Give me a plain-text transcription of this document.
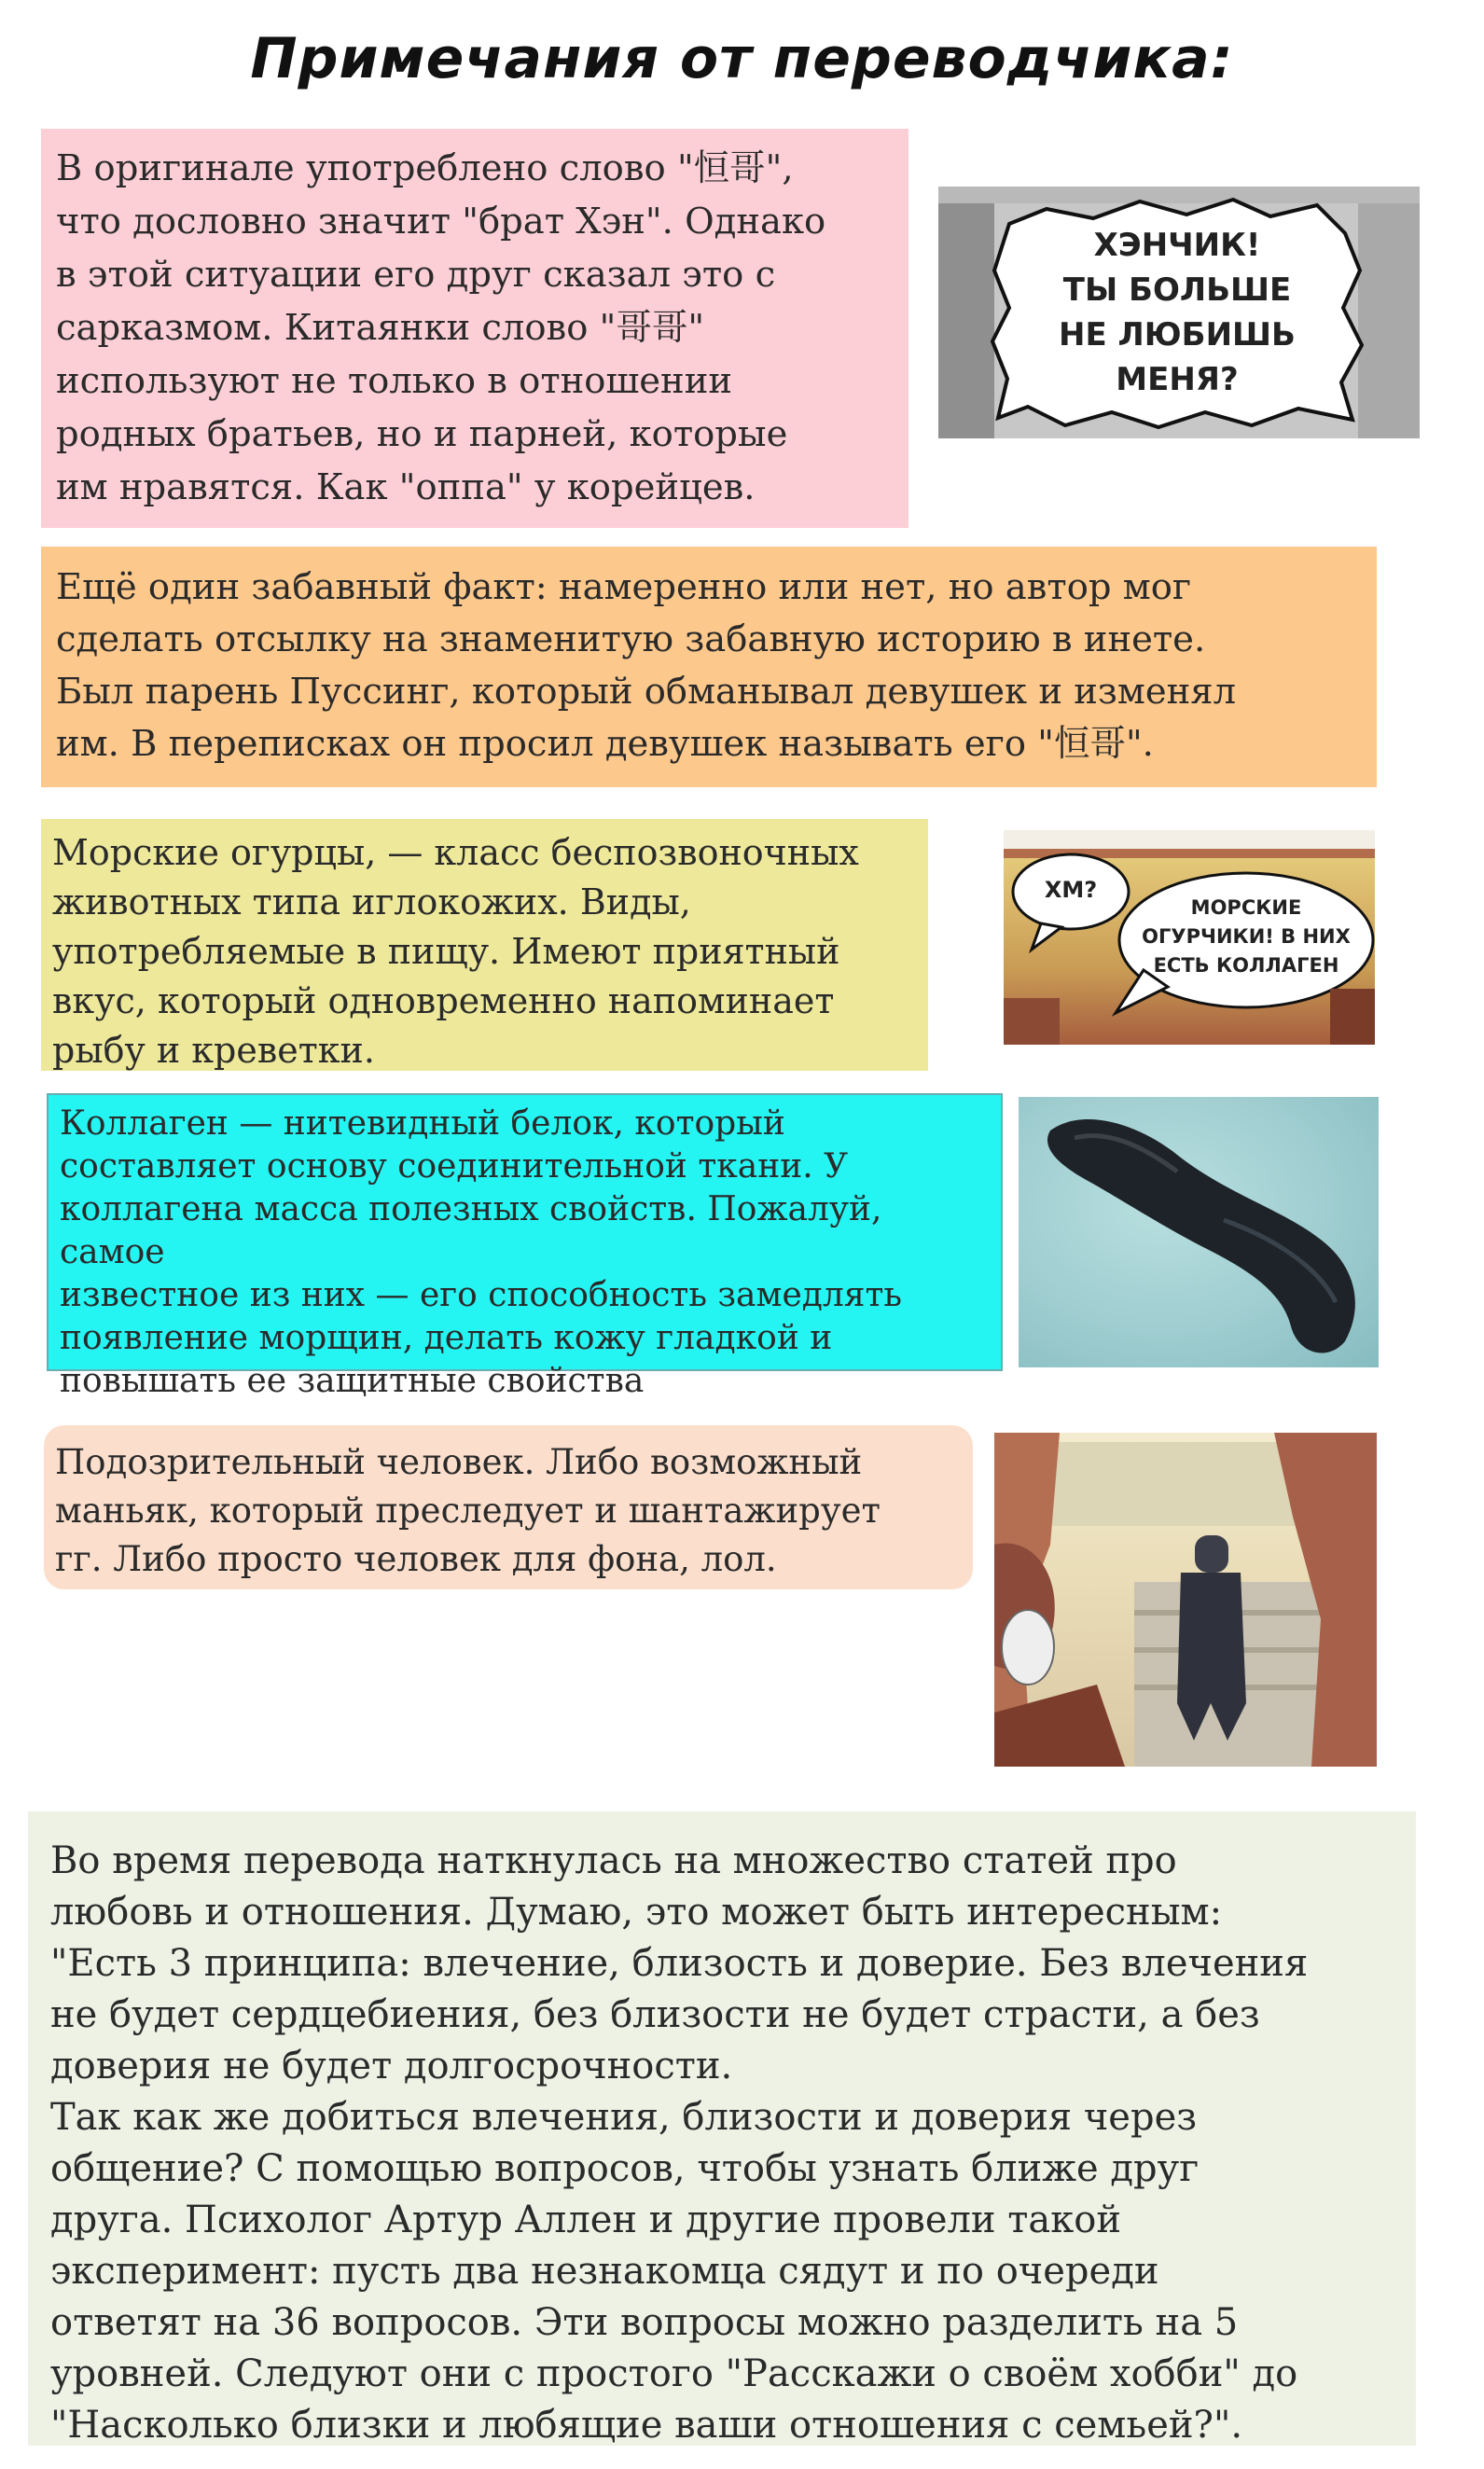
Примечания от переводчика:
В оригинале употреблено слово "恒哥",
что дословно значит "брат Хэн". Однако
в этой ситуации его друг сказал это с
сарказмом. Китаянки слово "哥哥"
используют не только в отношении
родных братьев, но и парней, которые
им нравятся. Как "оппа" у корейцев.
ХЭНЧИК!
ТЫ БОЛЬШЕ
НЕ ЛЮБИШЬ
МЕНЯ?
Ещё один забавный факт: намеренно или нет, но автор мог
сделать отсылку на знаменитую забавную историю в инете.
Был парень Пуссинг, который обманывал девушек и изменял
им. В переписках он просил девушек называть его "恒哥".
Морские огурцы, — класс беспозвоночных
животных типа иглокожих. Виды,
употребляемые в пищу. Имеют приятный
вкус, который одновременно напоминает
рыбу и креветки.
ХМ?
МОРСКИЕ
ОГУРЧИКИ! В НИХ
ЕСТЬ КОЛЛАГЕН
Коллаген — нитевидный белок, который
составляет основу соединительной ткани. У
коллагена масса полезных свойств. Пожалуй, самое
известное из них — его способность замедлять
появление морщин, делать кожу гладкой и
повышать ее защитные свойства
Подозрительный человек. Либо возможный
маньяк, который преследует и шантажирует
гг. Либо просто человек для фона, лол.
Во время перевода наткнулась на множество статей про
любовь и отношения. Думаю, это может быть интересным:
"Есть 3 принципа: влечение, близость и доверие. Без влечения
не будет сердцебиения, без близости не будет страсти, а без
доверия не будет долгосрочности.
Так как же добиться влечения, близости и доверия через
общение? С помощью вопросов, чтобы узнать ближе друг
друга. Психолог Артур Аллен и другие провели такой
эксперимент: пусть два незнакомца сядут и по очереди
ответят на 36 вопросов. Эти вопросы можно разделить на 5
уровней. Следуют они с простого "Расскажи о своём хобби" до
"Насколько близки и любящие ваши отношения с семьей?".
